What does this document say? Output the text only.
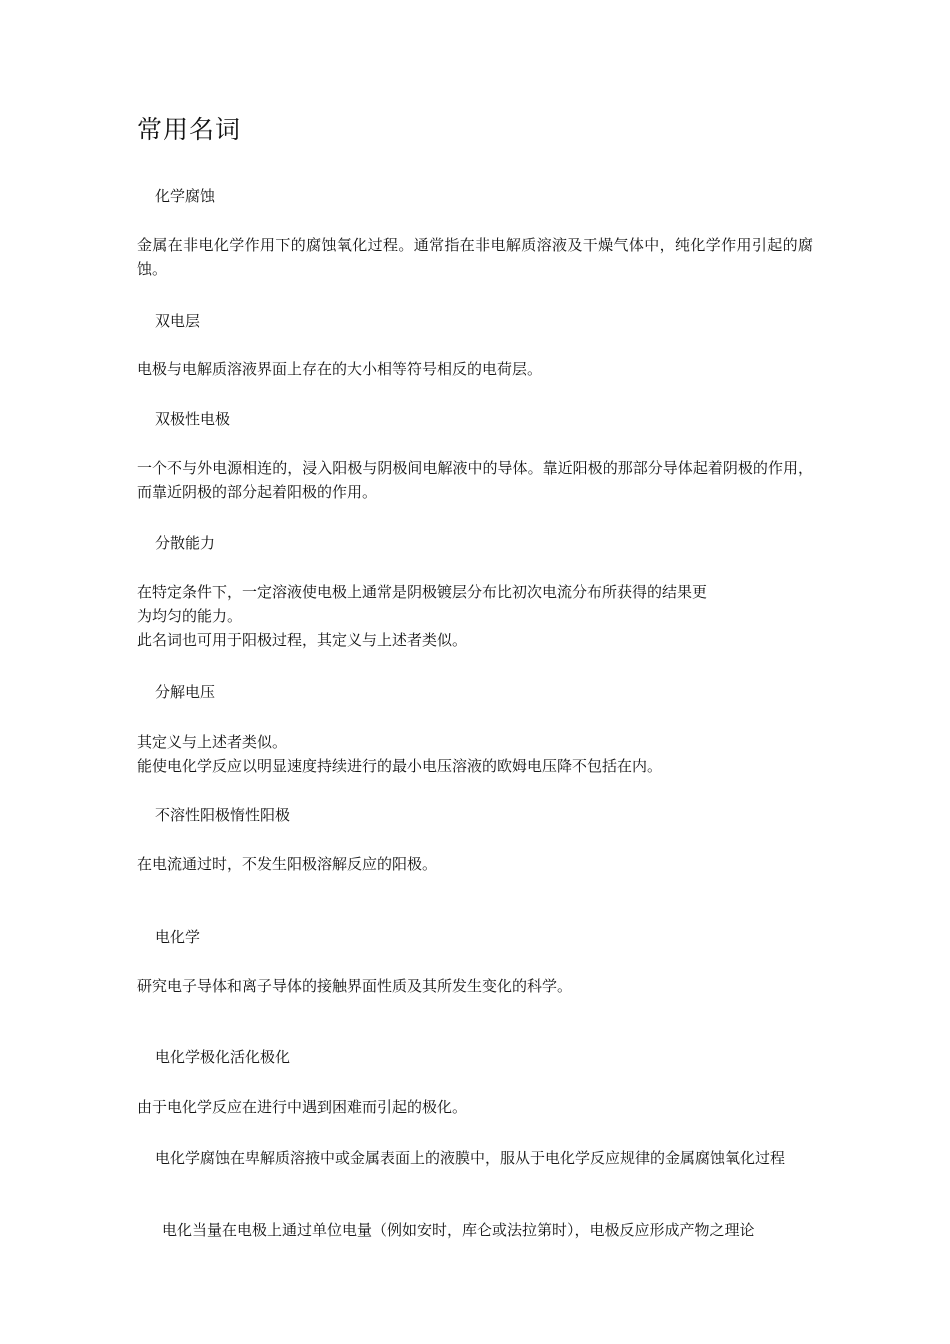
常用名词
化学腐蚀
金属在非电化学作用下的腐蚀氧化过程。通常指在非电解质溶液及干燥气体中，纯化学作用引起的腐蚀。
双电层
电极与电解质溶液界面上存在的大小相等符号相反的电荷层。
双极性电极
一个不与外电源相连的，浸入阳极与阴极间电解液中的导体。靠近阳极的那部分导体起着阴极的作用，而靠近阴极的部分起着阳极的作用。
分散能力
在特定条件下，一定溶液使电极上通常是阴极镀层分布比初次电流分布所获得的结果更
为均匀的能力。
此名词也可用于阳极过程，其定义与上述者类似。
分解电压
其定义与上述者类似。
能使电化学反应以明显速度持续进行的最小电压溶液的欧姆电压降不包括在内。
不溶性阳极惰性阳极
在电流通过时，不发生阳极溶解反应的阳极。
电化学
研究电子导体和离子导体的接触界面性质及其所发生变化的科学。
电化学极化活化极化
由于电化学反应在进行中遇到困难而引起的极化。
电化学腐蚀在卑解质溶掖中或金属表面上的液膜中，服从于电化学反应规律的金属腐蚀氧化过程
电化当量在电极上通过单位电量（例如安时，库仑或法拉第时），电极反应形成产物之理论
